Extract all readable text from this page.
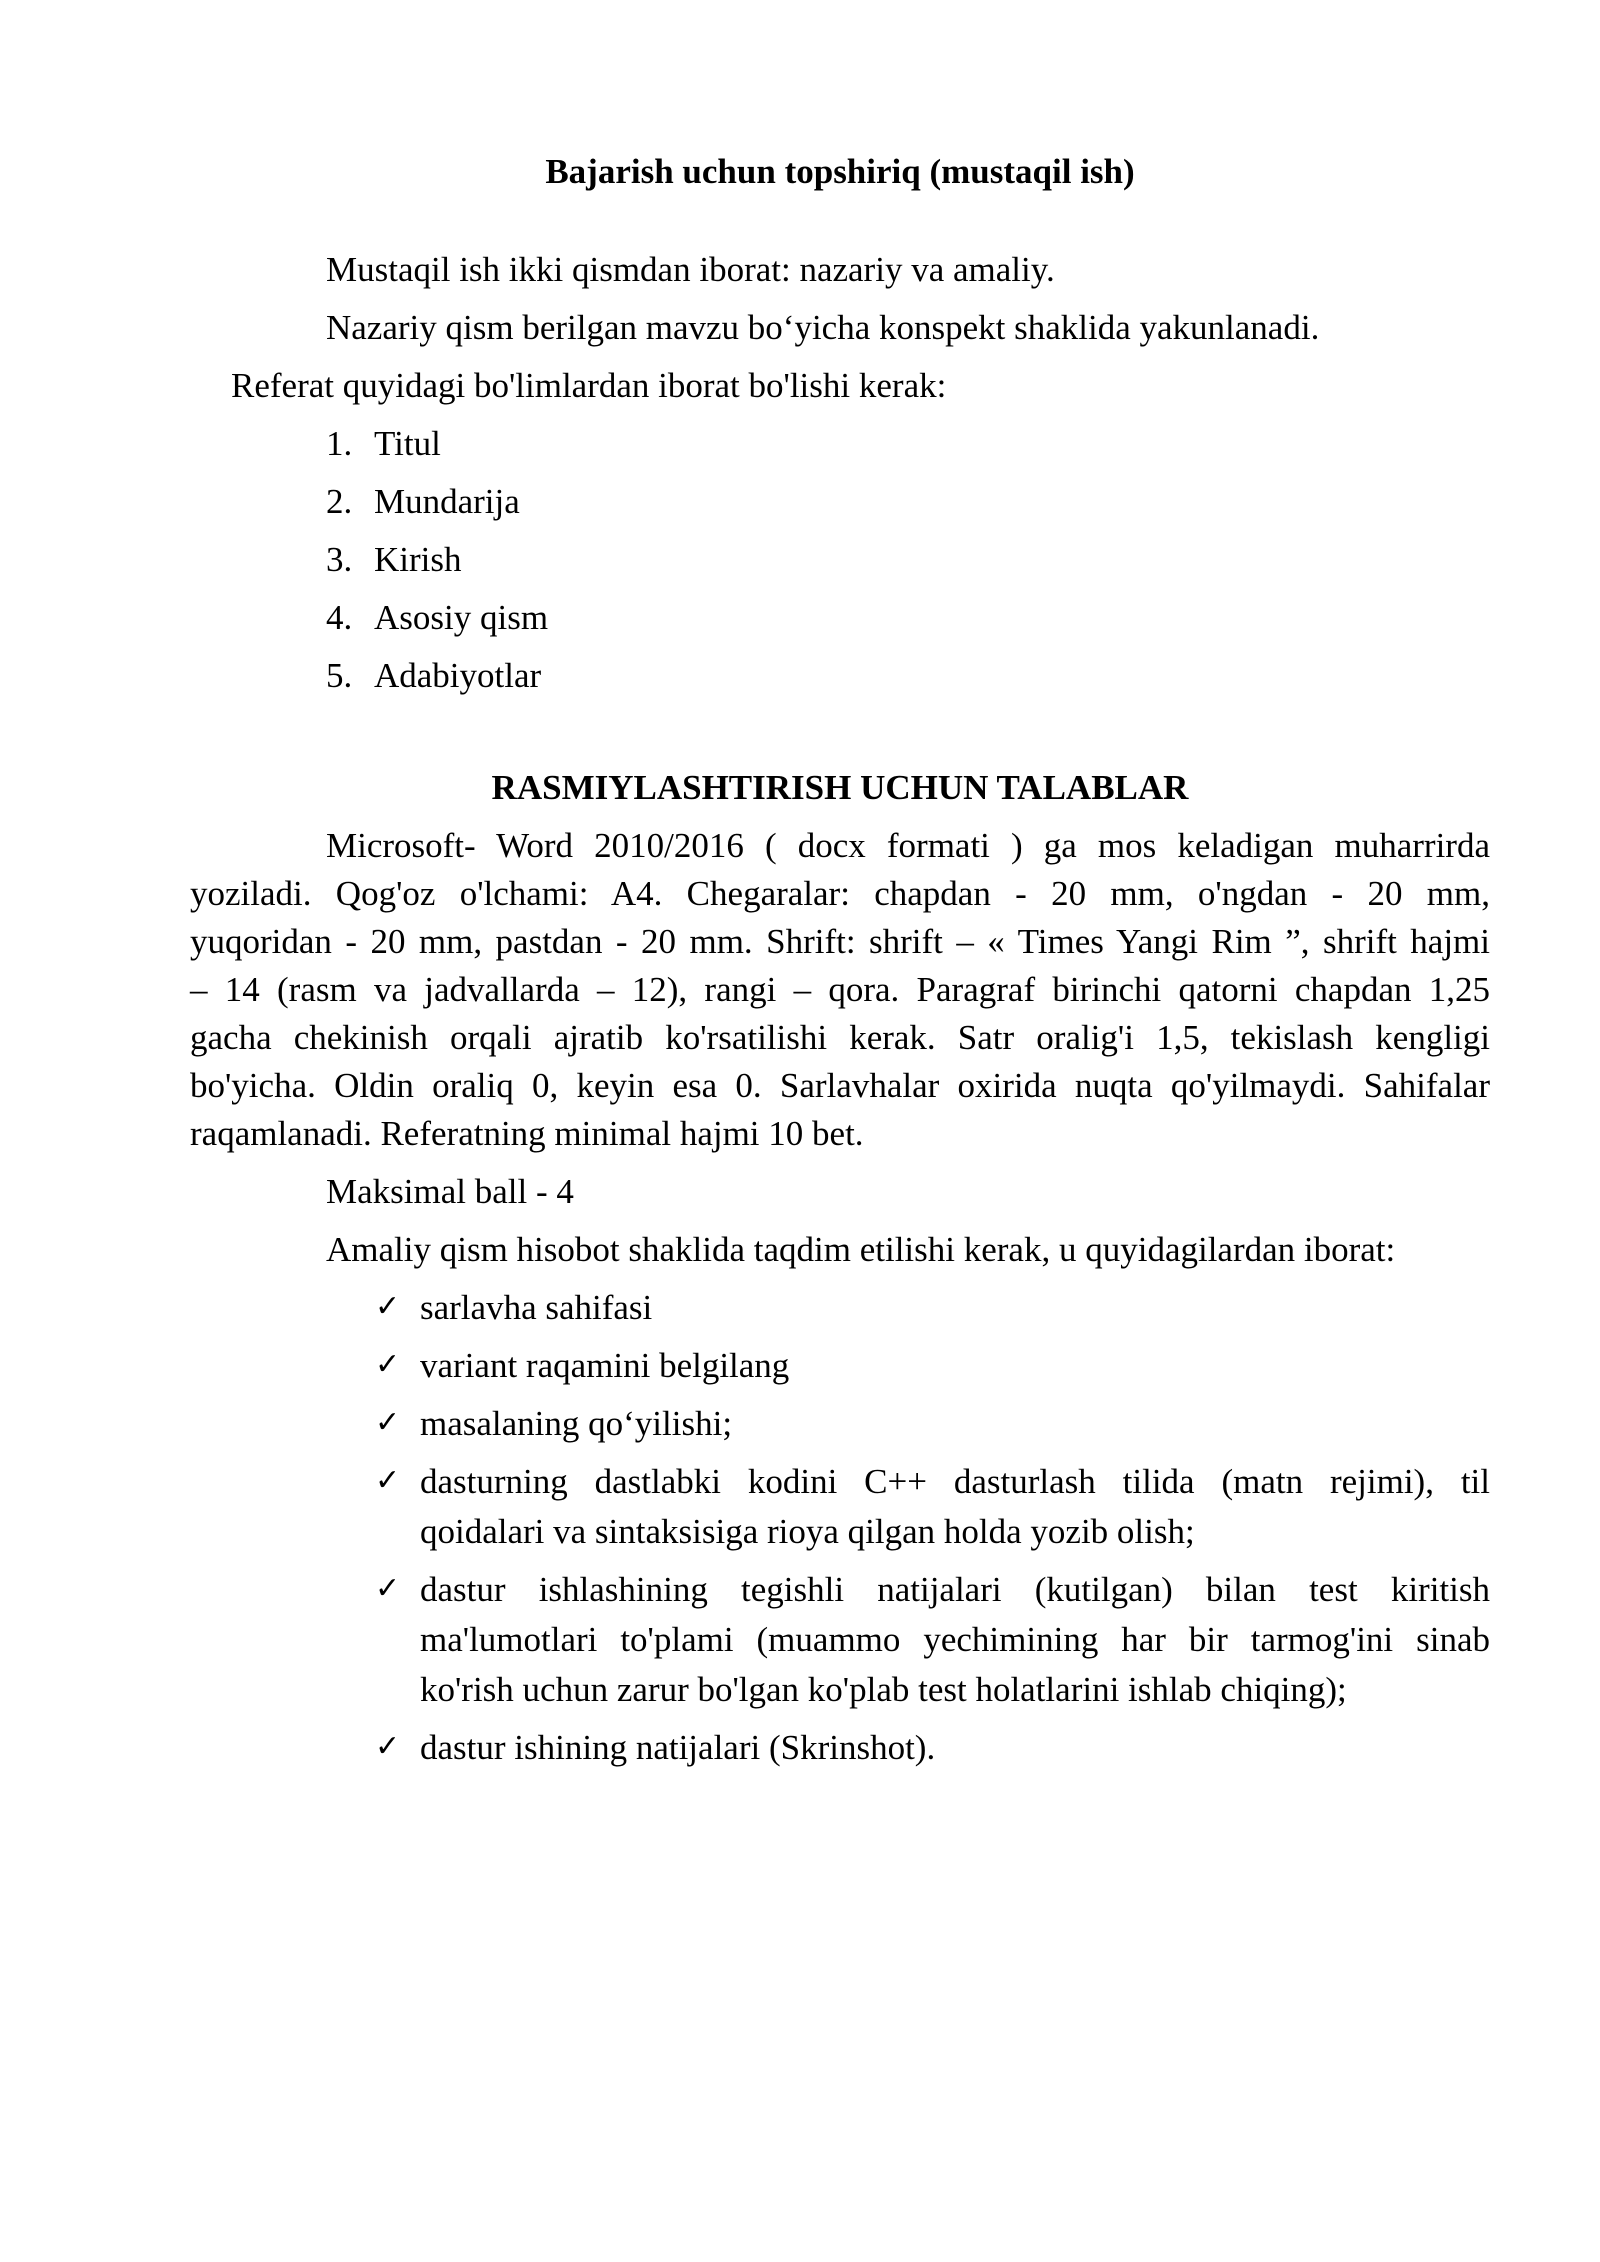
Bajarish uchun topshiriq (mustaqil ish)
Mustaqil ish ikki qismdan iborat: nazariy va amaliy.
Nazariy qism berilgan mavzu bo‘yicha konspekt shaklida yakunlanadi.
Referat quyidagi bo'limlardan iborat bo'lishi kerak:
1. Titul
2. Mundarija
3. Kirish
4. Asosiy qism
5. Adabiyotlar
RASMIYLASHTIRISH UCHUN TALABLAR
Microsoft- Word 2010/2016 ( docx formati ) ga mos keladigan muharrirda
yoziladi. Qog'oz o'lchami: A4. Chegaralar: chapdan - 20 mm, o'ngdan - 20 mm,
yuqoridan - 20 mm, pastdan - 20 mm. Shrift: shrift – « Times Yangi Rim ”, shrift hajmi
– 14 (rasm va jadvallarda – 12), rangi – qora. Paragraf birinchi qatorni chapdan 1,25
gacha chekinish orqali ajratib ko'rsatilishi kerak. Satr oralig'i 1,5, tekislash kengligi
bo'yicha. Oldin oraliq 0, keyin esa 0. Sarlavhalar oxirida nuqta qo'yilmaydi. Sahifalar
raqamlanadi. Referatning minimal hajmi 10 bet.
Maksimal ball - 4
Amaliy qism hisobot shaklida taqdim etilishi kerak, u quyidagilardan iborat:
✓
✓
✓
✓
✓
✓
sarlavha sahifasi
variant raqamini belgilang
masalaning qo‘yilishi;
dasturning dastlabki kodini C++ dasturlash tilida (matn rejimi), til
qoidalari va sintaksisiga rioya qilgan holda yozib olish;
dastur ishlashining tegishli natijalari (kutilgan) bilan test kiritish
ma'lumotlari to'plami (muammo yechimining har bir tarmog'ini sinab
ko'rish uchun zarur bo'lgan ko'plab test holatlarini ishlab chiqing);
dastur ishining natijalari (Skrinshot).
